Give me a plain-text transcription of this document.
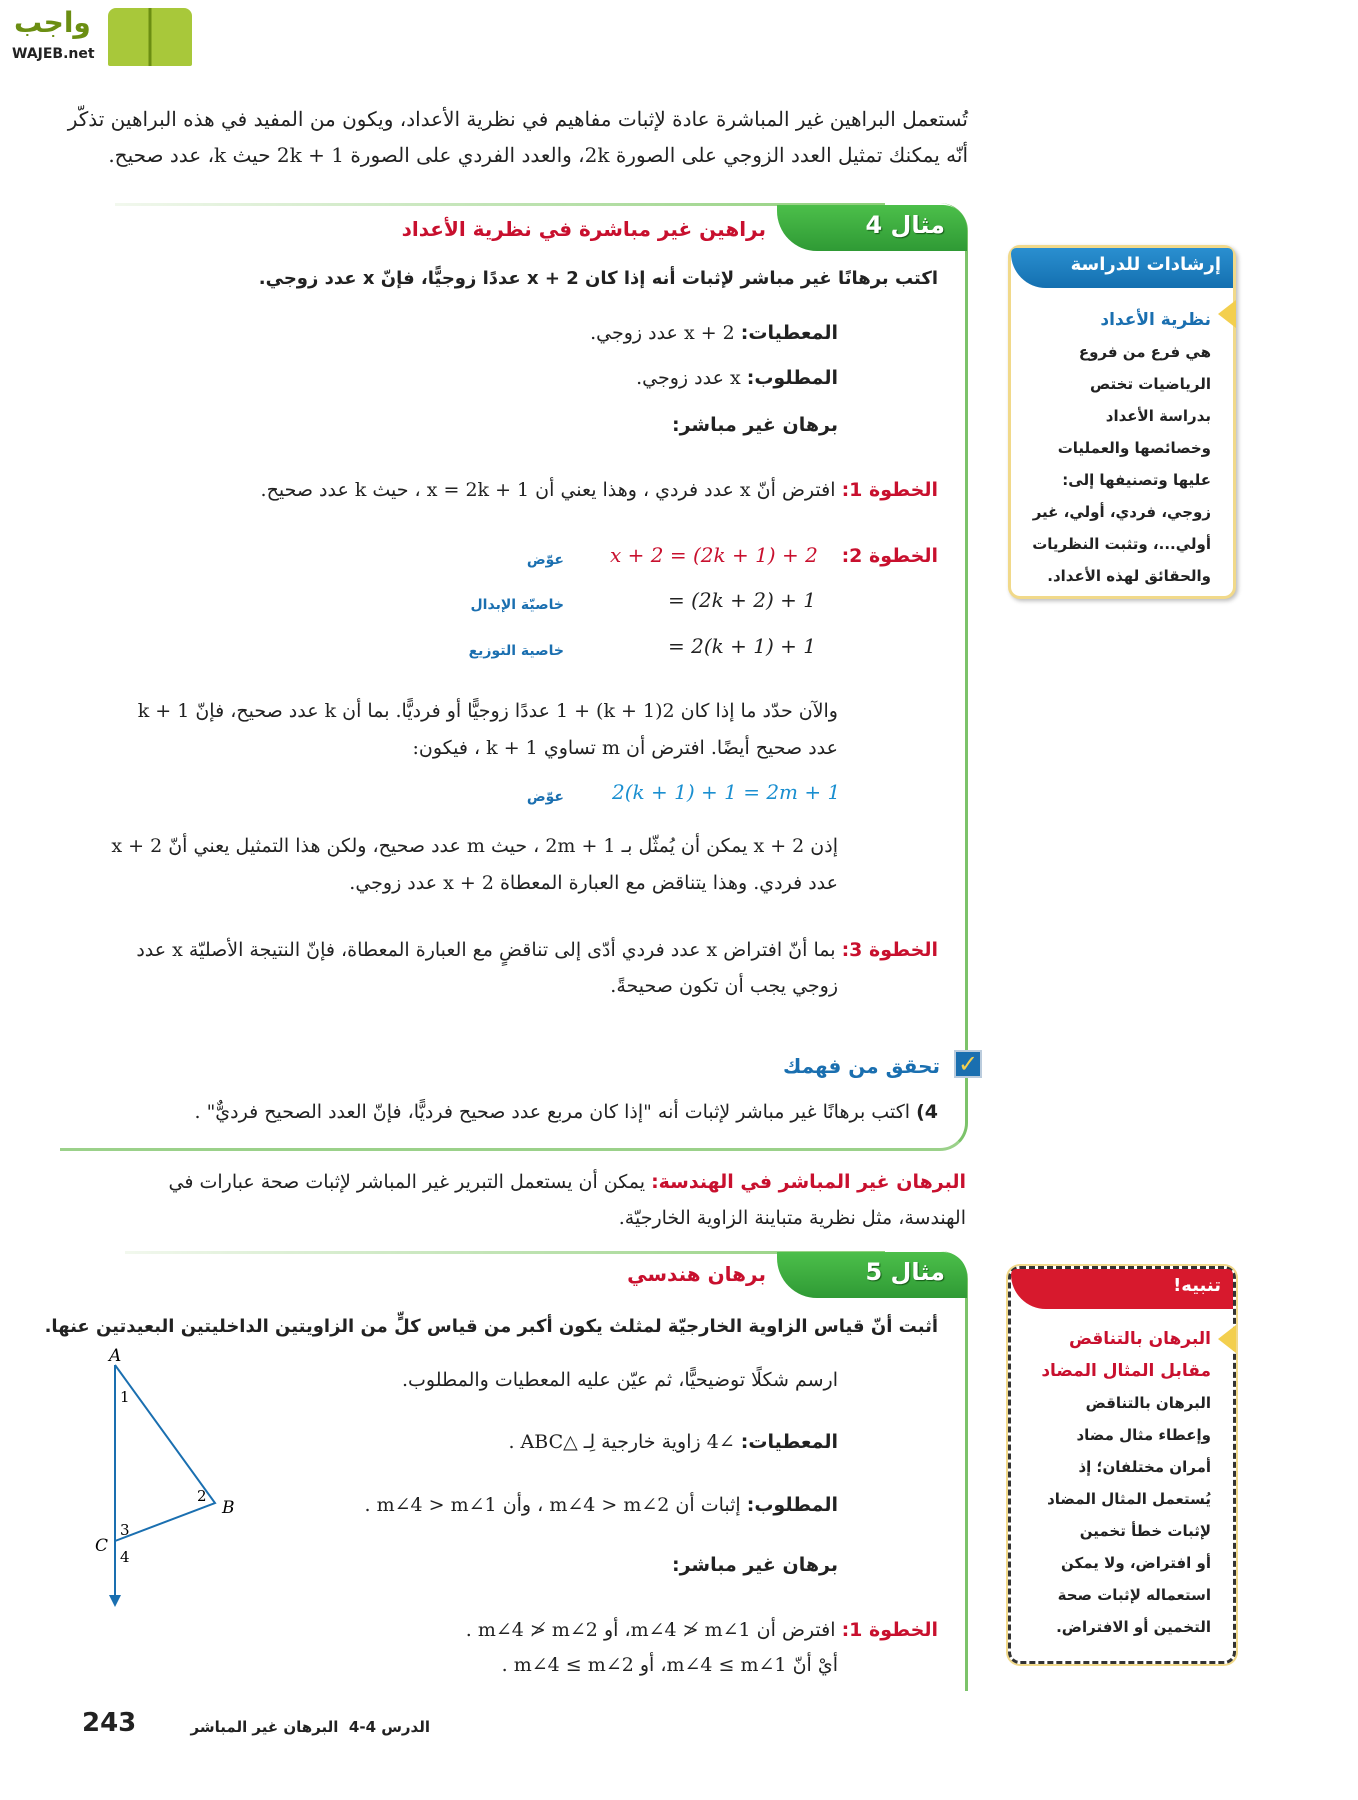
واجب
WAJEB.net
تُستعمل البراهين غير المباشرة عادة لإثبات مفاهيم في نظرية الأعداد، ويكون من المفيد في هذه البراهين تذكّر
أنّه يمكنك تمثيل العدد الزوجي على الصورة 2k، والعدد الفردي على الصورة 2k + 1 حيث k، عدد صحيح.
مثال 4
براهين غير مباشرة في نظرية الأعداد
اكتب برهانًا غير مباشر لإثبات أنه إذا كان x + 2 عددًا زوجيًّا، فإنّ x عدد زوجي.
المعطيات: x + 2 عدد زوجي.
المطلوب: x عدد زوجي.
برهان غير مباشر:
الخطوة 1: افترض أنّ x عدد فردي ، وهذا يعني أن x = 2k + 1 ، حيث k عدد صحيح.
الخطوة 2:
x + 2 = (2k + 1) + 2
عوّض
= (2k + 2) + 1
خاصيّة الإبدال
= 2(k + 1) + 1
خاصية التوزيع
والآن حدّد ما إذا كان 2(k + 1) + 1 عددًا زوجيًّا أو فرديًّا. بما أن k عدد صحيح، فإنّ k + 1
عدد صحيح أيضًا. افترض أن m تساوي k + 1 ، فيكون:
2(k + 1) + 1 = 2m + 1
عوّض
إذن x + 2 يمكن أن يُمثّل بـ 2m + 1 ، حيث m عدد صحيح، ولكن هذا التمثيل يعني أنّ x + 2
عدد فردي. وهذا يتناقض مع العبارة المعطاة x + 2 عدد زوجي.
الخطوة 3: بما أنّ افتراض x عدد فردي أدّى إلى تناقضٍ مع العبارة المعطاة، فإنّ النتيجة الأصليّة x عدد
زوجي يجب أن تكون صحيحةً.
✓
تحقق من فهمك
4) اكتب برهانًا غير مباشر لإثبات أنه "إذا كان مربع عدد صحيح فرديًّا، فإنّ العدد الصحيح فرديٌّ" .
البرهان غير المباشر في الهندسة: يمكن أن يستعمل التبرير غير المباشر لإثبات صحة عبارات في
الهندسة، مثل نظرية متباينة الزاوية الخارجيّة.
مثال 5
برهان هندسي
أثبت أنّ قياس الزاوية الخارجيّة لمثلث يكون أكبر من قياس كلٍّ من الزاويتين الداخليتين البعيدتين عنها.
ارسم شكلًا توضيحيًّا، ثم عيّن عليه المعطيات والمطلوب.
المعطيات: ∠4 زاوية خارجية لِـ △ABC .
المطلوب: إثبات أن m∠4 > m∠2 ، وأن m∠4 > m∠1 .
برهان غير مباشر:
الخطوة 1: افترض أن m∠4 ≯ m∠1، أو m∠4 ≯ m∠2 .
أيْ أنّ m∠4 ≤ m∠1، أو m∠4 ≤ m∠2 .
A
B
C
1
2
3
4
إرشادات للدراسة
نظرية الأعداد
هي فرع من فروع
الرياضيات تختص
بدراسة الأعداد
وخصائصها والعمليات
عليها وتصنيفها إلى:
زوجي، فردي، أولي، غير
أولي...، وتثبت النظريات
والحقائق لهذه الأعداد.
تنبيه!
البرهان بالتناقض
مقابل المثال المضاد
البرهان بالتناقض
وإعطاء مثال مضاد
أمران مختلفان؛ إذ
يُستعمل المثال المضاد
لإثبات خطأ تخمين
أو افتراض، ولا يمكن
استعماله لإثبات صحة
التخمين أو الافتراض.
243	الدرس 4-4  البرهان غير المباشر
